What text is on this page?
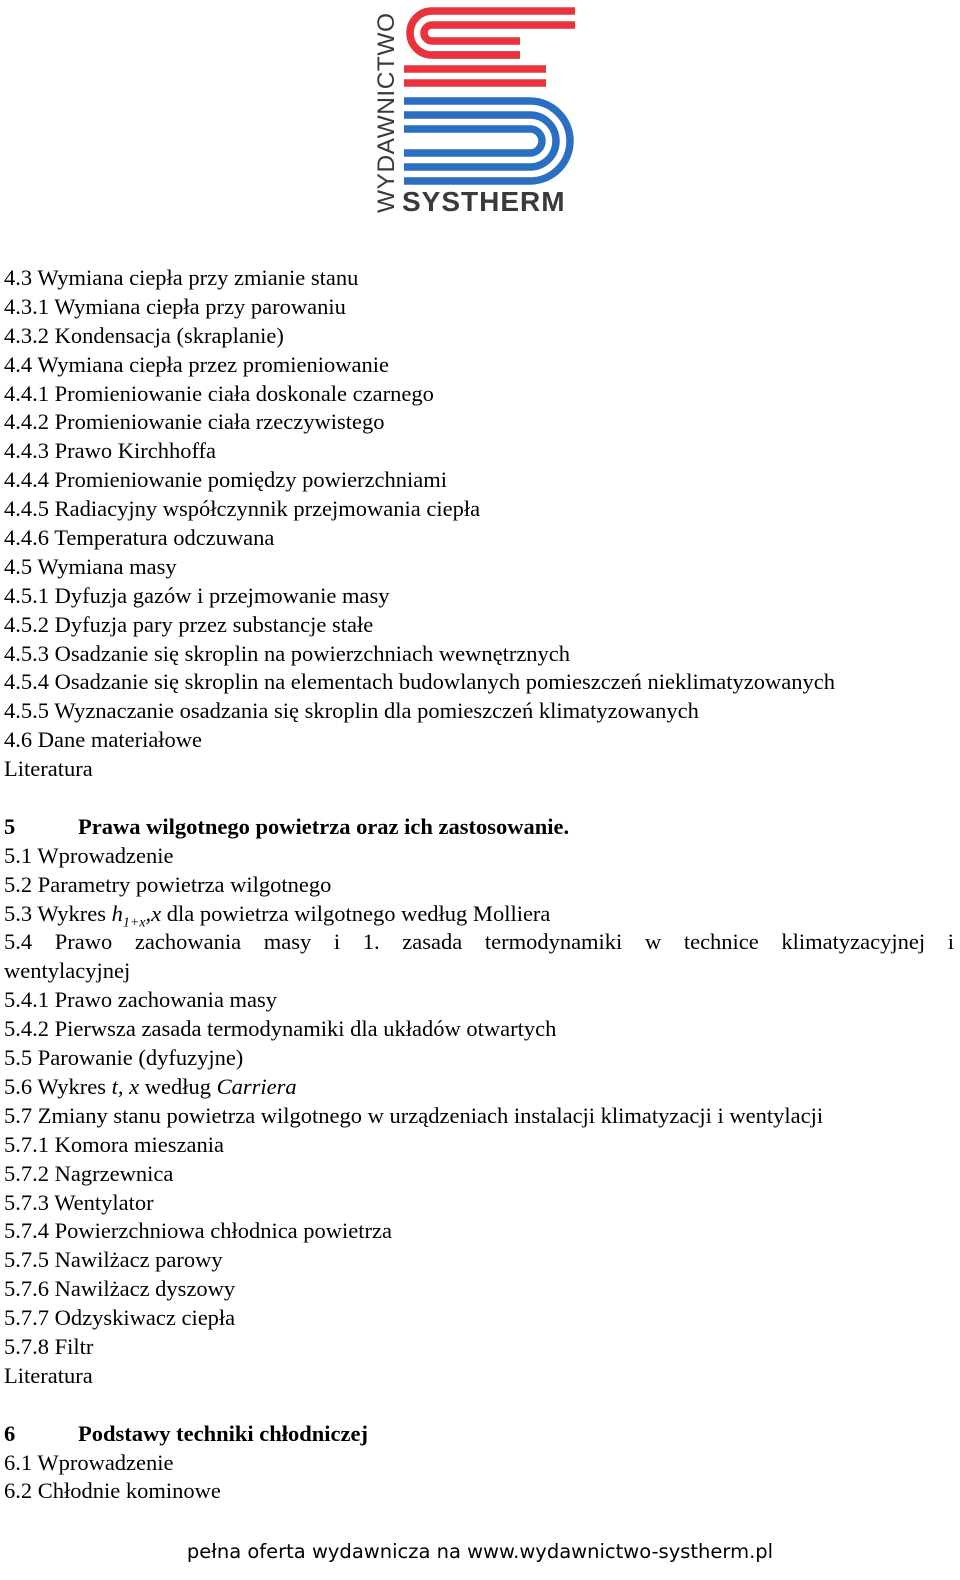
WYDAWNICTWO SYSTHERM
4.3 Wymiana ciepła przy zmianie stanu
4.3.1 Wymiana ciepła przy parowaniu
4.3.2 Kondensacja (skraplanie)
4.4 Wymiana ciepła przez promieniowanie
4.4.1 Promieniowanie ciała doskonale czarnego
4.4.2 Promieniowanie ciała rzeczywistego
4.4.3 Prawo Kirchhoffa
4.4.4 Promieniowanie pomiędzy powierzchniami
4.4.5 Radiacyjny współczynnik przejmowania ciepła
4.4.6 Temperatura odczuwana
4.5 Wymiana masy
4.5.1 Dyfuzja gazów i przejmowanie masy
4.5.2 Dyfuzja pary przez substancje stałe
4.5.3 Osadzanie się skroplin na powierzchniach wewnętrznych
4.5.4 Osadzanie się skroplin na elementach budowlanych pomieszczeń nieklimatyzowanych
4.5.5 Wyznaczanie osadzania się skroplin dla pomieszczeń klimatyzowanych
4.6 Dane materiałowe
Literatura
5	Prawa wilgotnego powietrza oraz ich zastosowanie.
5.1 Wprowadzenie
5.2 Parametry powietrza wilgotnego
5.3 Wykres $h_{1+x},x$ dla powietrza wilgotnego według Molliera
5.4 Prawo zachowania masy i 1. zasada termodynamiki w technice klimatyzacyjnej i
wentylacyjnej
5.4.1 Prawo zachowania masy
5.4.2 Pierwsza zasada termodynamiki dla układów otwartych
5.5 Parowanie (dyfuzyjne)
5.6 Wykres t, x według Carriera
5.7 Zmiany stanu powietrza wilgotnego w urządzeniach instalacji klimatyzacji i wentylacji
5.7.1 Komora mieszania
5.7.2 Nagrzewnica
5.7.3 Wentylator
5.7.4 Powierzchniowa chłodnica powietrza
5.7.5 Nawilżacz parowy
5.7.6 Nawilżacz dyszowy
5.7.7 Odzyskiwacz ciepła
5.7.8 Filtr
Literatura
6	Podstawy techniki chłodniczej
6.1 Wprowadzenie
6.2 Chłodnie kominowe
pełna oferta wydawnicza na www.wydawnictwo-systherm.pl
